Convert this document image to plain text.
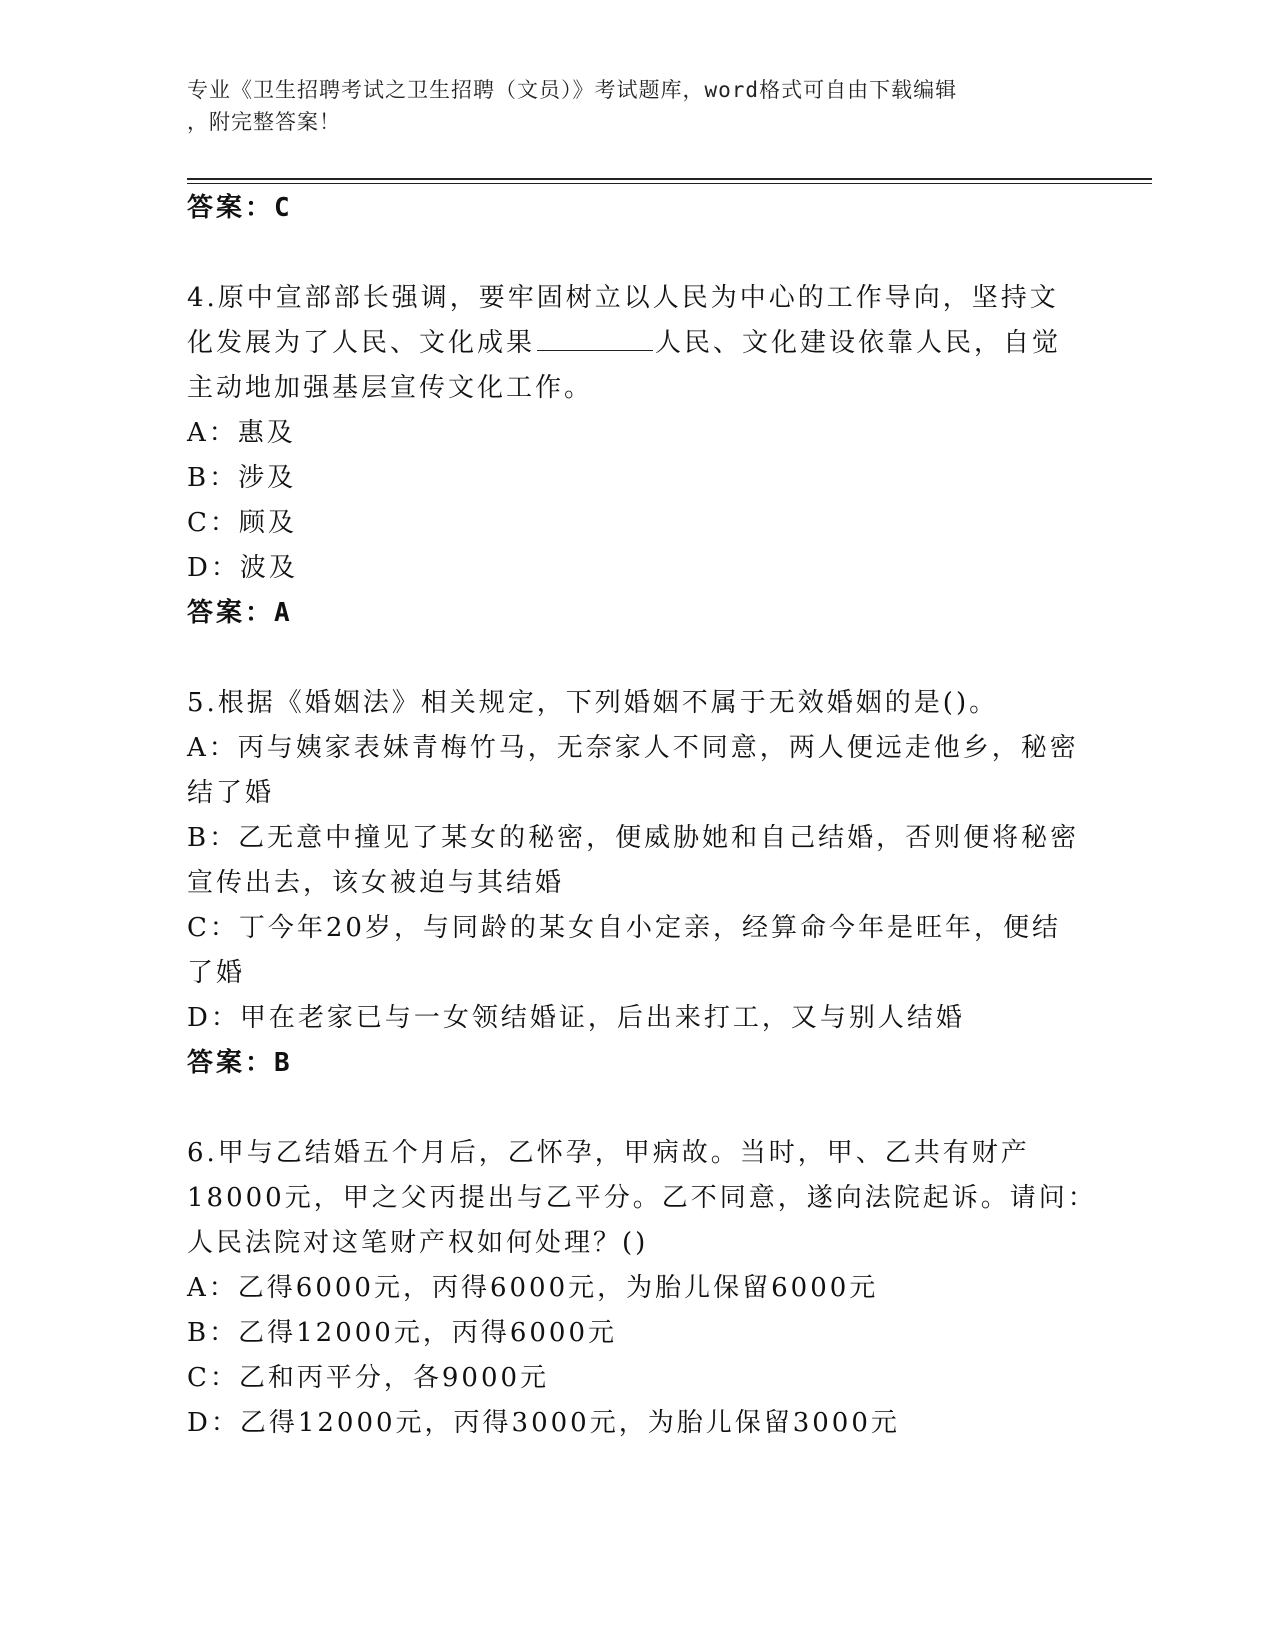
专业《卫生招聘考试之卫生招聘（文员）》考试题库，word格式可自由下载编辑
，附完整答案！
答案：C
4.原中宣部部长强调，要牢固树立以人民为中心的工作导向，坚持文
化发展为了人民、文化成果	人民、文化建设依靠人民，自觉
主动地加强基层宣传文化工作。
A：惠及
B：涉及
C：顾及
D：波及
答案：A
5.根据《婚姻法》相关规定，下列婚姻不属于无效婚姻的是()。
A：丙与姨家表妹青梅竹马，无奈家人不同意，两人便远走他乡，秘密
结了婚
B：乙无意中撞见了某女的秘密，便威胁她和自己结婚，否则便将秘密
宣传出去，该女被迫与其结婚
C：丁今年20岁，与同龄的某女自小定亲，经算命今年是旺年，便结
了婚
D：甲在老家已与一女领结婚证，后出来打工，又与别人结婚
答案：B
6.甲与乙结婚五个月后，乙怀孕，甲病故。当时，甲、乙共有财产
18000元，甲之父丙提出与乙平分。乙不同意，遂向法院起诉。请问：
人民法院对这笔财产权如何处理？()
A：乙得6000元，丙得6000元，为胎儿保留6000元
B：乙得12000元，丙得6000元
C：乙和丙平分，各9000元
D：乙得12000元，丙得3000元，为胎儿保留3000元
